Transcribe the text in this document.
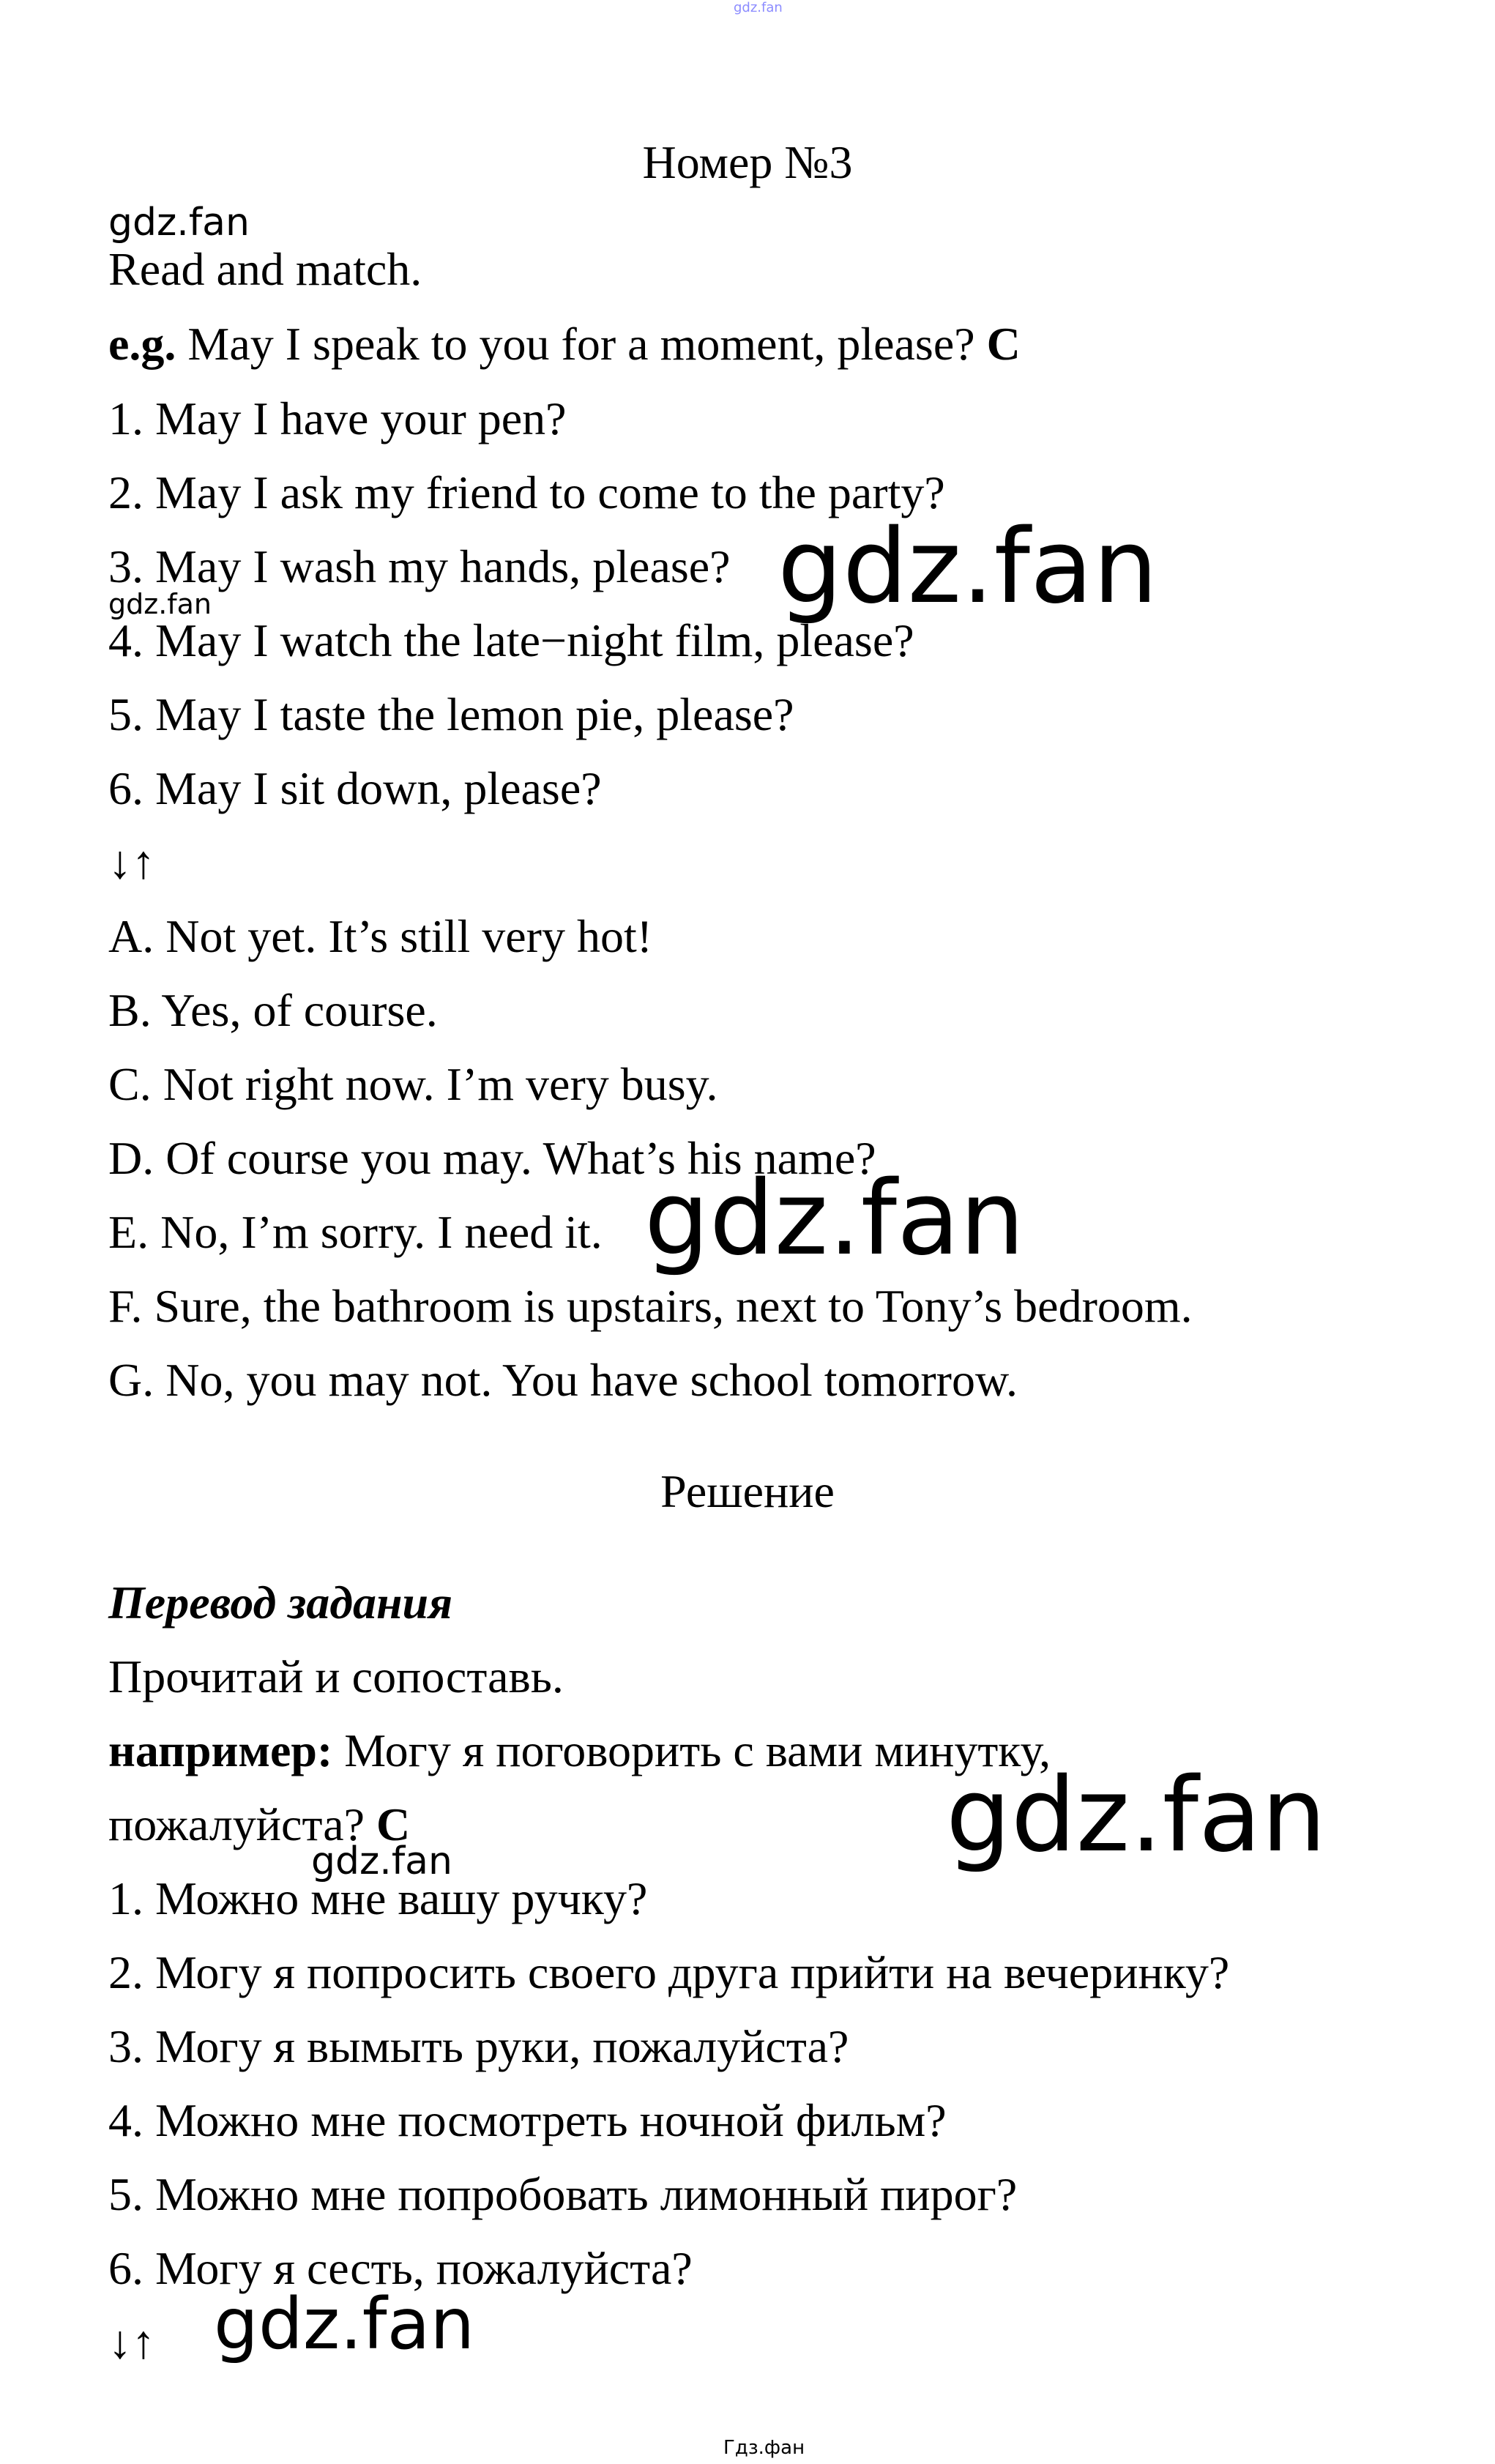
gdz.fan
Номер №3
gdz.fan
Read and match.
e.g. May I speak to you for a moment, please? C
1. May I have your pen?
2. May I ask my friend to come to the party?
3. May I wash my hands, please?
4. May I watch the late−night film, please?
5. May I taste the lemon pie, please?
6. May I sit down, please?
gdz.fan
gdz.fan
↓↑
A. Not yet. It’s still very hot!
B. Yes, of course.
C. Not right now. I’m very busy.
D. Of course you may. What’s his name?
E. No, I’m sorry. I need it.
F. Sure, the bathroom is upstairs, next to Tony’s bedroom.
G. No, you may not. You have school tomorrow.
gdz.fan
Решение
Перевод задания
Прочитай и сопоставь.
например: Могу я поговорить с вами минутку,
пожалуйста? C	gdz.fan
gdz.fan
1. Можно мне вашу ручку?
2. Могу я попросить своего друга прийти на вечеринку?
3. Могу я вымыть руки, пожалуйста?
4. Можно мне посмотреть ночной фильм?
5. Можно мне попробовать лимонный пирог?
6. Могу я сесть, пожалуйста?
↓↑ gdz.fan
Гдз.фан
